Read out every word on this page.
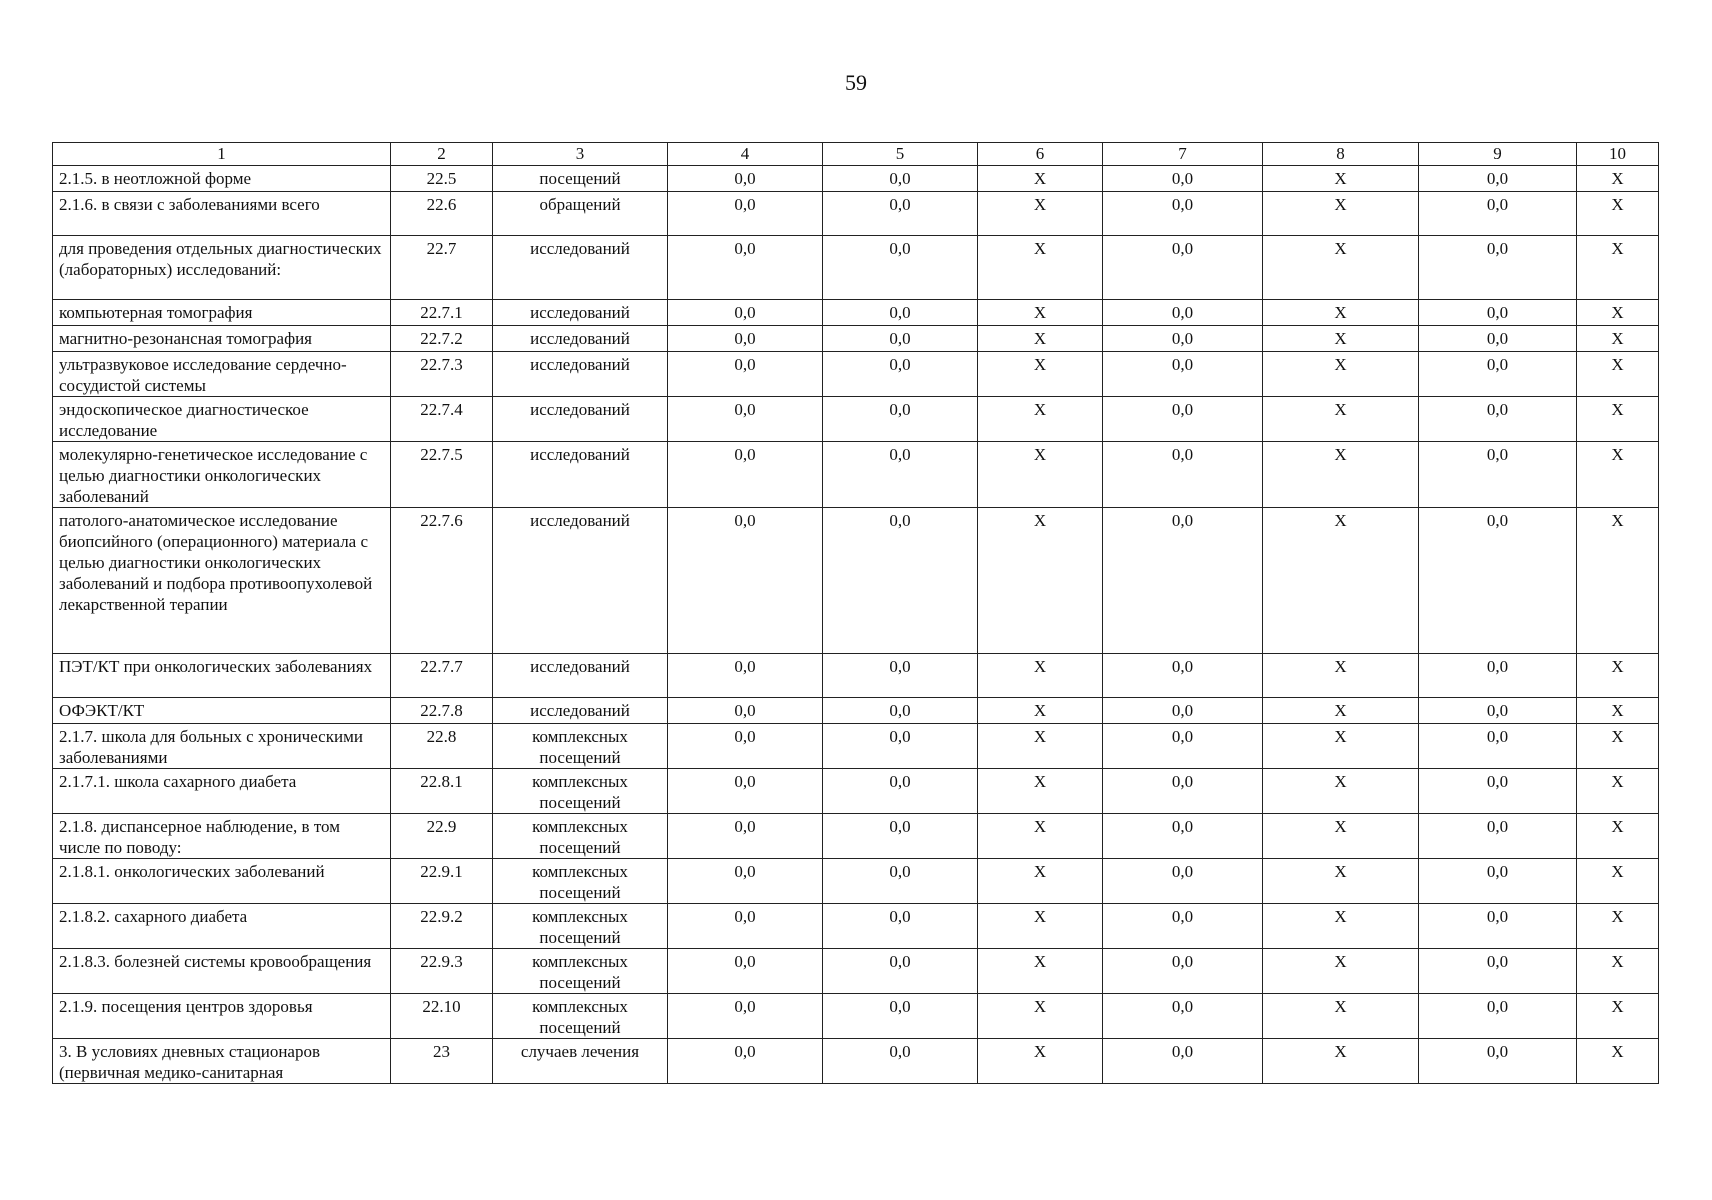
59
1	2	3	4	5	6	7	8	9	10
2.1.5. в неотложной форме	22.5	посещений	0,0	0,0	Х	0,0	Х	0,0	Х
2.1.6. в связи с заболеваниями всего	22.6	обращений	0,0	0,0	Х	0,0	Х	0,0	Х
для проведения отдельных диагностических (лабораторных) исследований:	22.7	исследований	0,0	0,0	Х	0,0	Х	0,0	Х
компьютерная томография	22.7.1	исследований	0,0	0,0	Х	0,0	Х	0,0	Х
магнитно-резонансная томография	22.7.2	исследований	0,0	0,0	Х	0,0	Х	0,0	Х
ультразвуковое исследование сердечно-сосудистой системы	22.7.3	исследований	0,0	0,0	Х	0,0	Х	0,0	Х
эндоскопическое диагностическое исследование	22.7.4	исследований	0,0	0,0	Х	0,0	Х	0,0	Х
молекулярно-генетическое исследование с целью диагностики онкологических заболеваний	22.7.5	исследований	0,0	0,0	Х	0,0	Х	0,0	Х
патолого-анатомическое исследование биопсийного (операционного) материала с целью диагностики онкологических заболеваний и подбора противоопухолевой лекарственной терапии	22.7.6	исследований	0,0	0,0	Х	0,0	Х	0,0	Х
ПЭТ/КТ при онкологических заболеваниях	22.7.7	исследований	0,0	0,0	Х	0,0	Х	0,0	Х
ОФЭКТ/КТ	22.7.8	исследований	0,0	0,0	Х	0,0	Х	0,0	Х
2.1.7. школа для больных с хроническими заболеваниями	22.8	комплексных посещений	0,0	0,0	Х	0,0	Х	0,0	Х
2.1.7.1. школа сахарного диабета	22.8.1	комплексных посещений	0,0	0,0	Х	0,0	Х	0,0	Х
2.1.8. диспансерное наблюдение, в том числе по поводу:	22.9	комплексных посещений	0,0	0,0	Х	0,0	Х	0,0	Х
2.1.8.1. онкологических заболеваний	22.9.1	комплексных посещений	0,0	0,0	Х	0,0	Х	0,0	Х
2.1.8.2. сахарного диабета	22.9.2	комплексных посещений	0,0	0,0	Х	0,0	Х	0,0	Х
2.1.8.3. болезней системы кровообращения	22.9.3	комплексных посещений	0,0	0,0	Х	0,0	Х	0,0	Х
2.1.9. посещения центров здоровья	22.10	комплексных посещений	0,0	0,0	Х	0,0	Х	0,0	Х
3. В условиях дневных стационаров (первичная медико-санитарная	23	случаев лечения	0,0	0,0	Х	0,0	Х	0,0	Х
